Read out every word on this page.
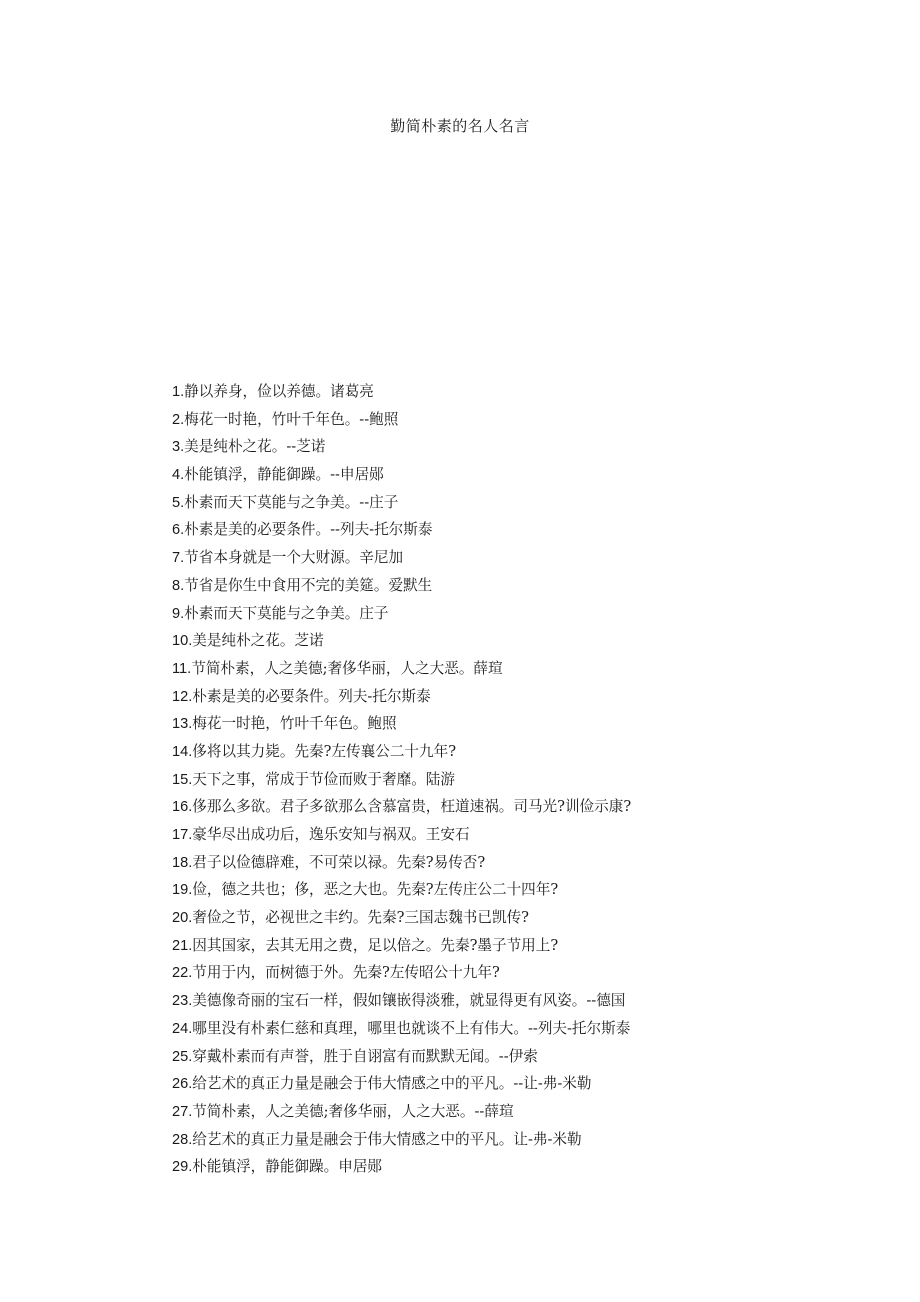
勤简朴素的名人名言
1.静以养身，俭以养德。诸葛亮
2.梅花一时艳，竹叶千年色。--鲍照
3.美是纯朴之花。--芝诺
4.朴能镇浮，静能御躁。--申居郧
5.朴素而天下莫能与之争美。--庄子
6.朴素是美的必要条件。--列夫-托尔斯泰
7.节省本身就是一个大财源。辛尼加
8.节省是你生中食用不完的美筵。爱默生
9.朴素而天下莫能与之争美。庄子
10.美是纯朴之花。芝诺
11.节简朴素，人之美德;奢侈华丽，人之大恶。薛瑄
12.朴素是美的必要条件。列夫-托尔斯泰
13.梅花一时艳，竹叶千年色。鲍照
14.侈将以其力毙。先秦?左传襄公二十九年?
15.天下之事，常成于节俭而败于奢靡。陆游
16.侈那么多欲。君子多欲那么含慕富贵，枉道速祸。司马光?训俭示康?
17.豪华尽出成功后，逸乐安知与祸双。王安石
18.君子以俭德辟难，不可荣以禄。先秦?易传否?
19.俭，德之共也；侈，恶之大也。先秦?左传庄公二十四年?
20.奢俭之节，必视世之丰约。先秦?三国志魏书已凯传?
21.因其国家，去其无用之费，足以倍之。先秦?墨子节用上?
22.节用于内，而树德于外。先秦?左传昭公十九年?
23.美德像奇丽的宝石一样，假如镶嵌得淡雅，就显得更有风姿。--德国
24.哪里没有朴素仁慈和真理，哪里也就谈不上有伟大。--列夫-托尔斯泰
25.穿戴朴素而有声誉，胜于自诩富有而默默无闻。--伊索
26.给艺术的真正力量是融会于伟大情感之中的平凡。--让-弗-米勒
27.节简朴素，人之美德;奢侈华丽，人之大恶。--薛瑄
28.给艺术的真正力量是融会于伟大情感之中的平凡。让-弗-米勒
29.朴能镇浮，静能御躁。申居郧
